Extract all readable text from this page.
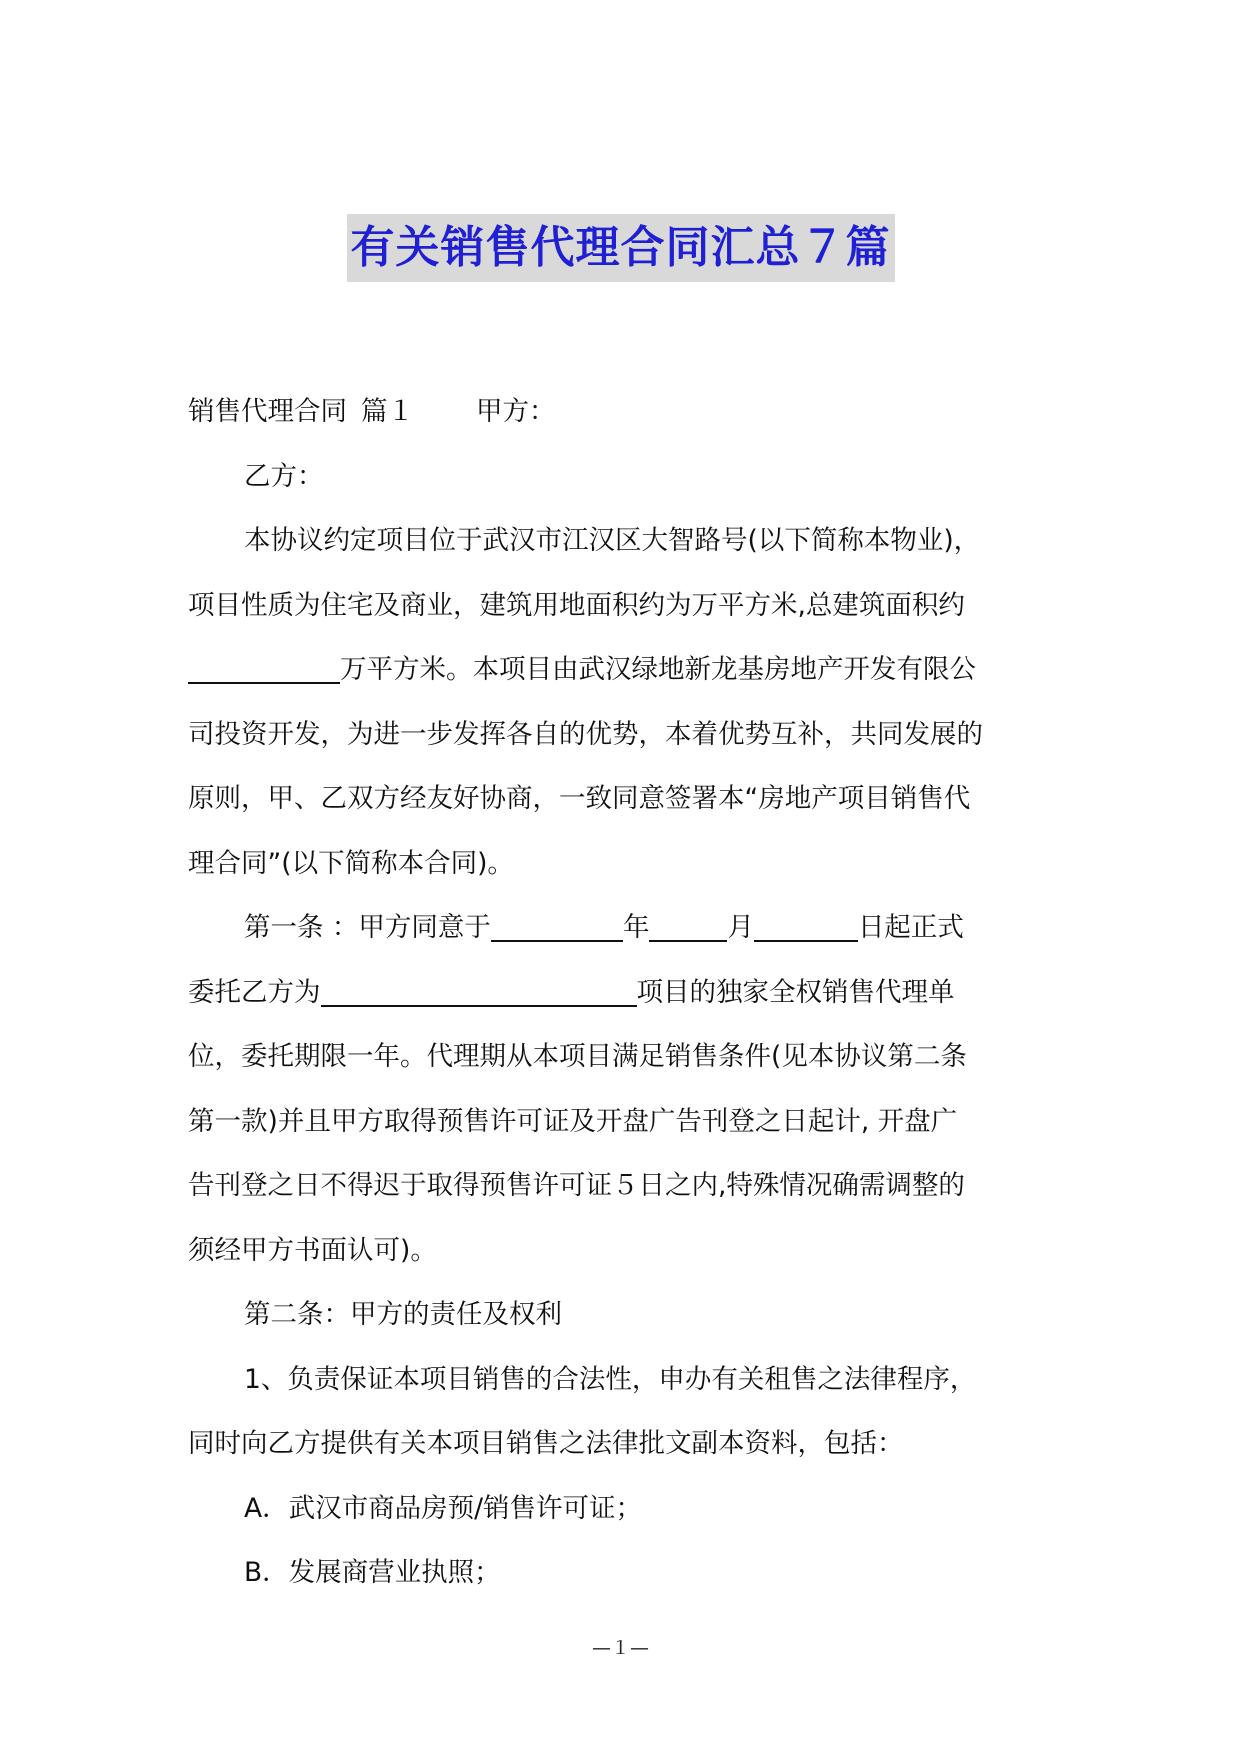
有关销售代理合同汇总７篇

销售代理合同 篇１ 甲方：

乙方：

本协议约定项目位于武汉市江汉区大智路号(以下简称本物业)，

项目性质为住宅及商业，建筑用地面积约为万平方米,总建筑面积约

万平方米。本项目由武汉绿地新龙基房地产开发有限公

司投资开发，为进一步发挥各自的优势，本着优势互补，共同发展的

原则，甲、乙双方经友好协商，一致同意签署本“房地产项目销售代

理合同”(以下简称本合同)。

第一条 ：甲方同意于	年	月	日起正式

委托乙方为	项目的独家全权销售代理单

位，委托期限一年。代理期从本项目满足销售条件(见本协议第二条

第一款)并且甲方取得预售许可证及开盘广告刊登之日起计, 开盘广

告刊登之日不得迟于取得预售许可证５日之内,特殊情况确需调整的

须经甲方书面认可)。

第二条：甲方的责任及权利

1、负责保证本项目销售的合法性，申办有关租售之法律程序，

同时向乙方提供有关本项目销售之法律批文副本资料，包括：

A．武汉市商品房预/销售许可证；

B．发展商营业执照；

—１—
